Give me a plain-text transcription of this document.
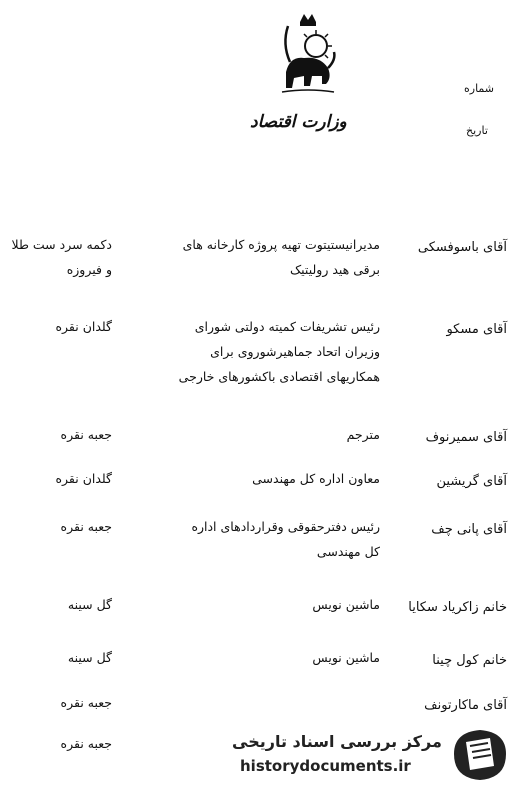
شماره
تاریخ
وزارت اقتصاد
آقای باسوفسکی
مدیرانیستیتوت تهیه پروژه کارخانه های
برقی هید رولیتیک
دکمه سرد ست طلا
و فیروزه
آقای مسکو
رئیس تشریفات کمیته دولتی شورای
وزیران اتحاد جماهیرشوروی برای
همکاریهای اقتصادی باکشورهای خارجی
گلدان نقره
آقای سمیرنوف
مترجم
جعبه نقره
آقای گریشین
معاون اداره کل مهندسی
گلدان نقره
آقای پانی چف
رئیس دفترحقوقی وقراردادهای اداره
کل مهندسی
جعبه نقره
خانم زاکریاد سکایا
ماشین نویس
گل سینه
خانم کول چینا
ماشین نویس
گل سینه
آقای ماکارتونف
جعبه نقره
جعبه نقره	مرکز بررسی اسناد تاریخی
historydocuments.ir
